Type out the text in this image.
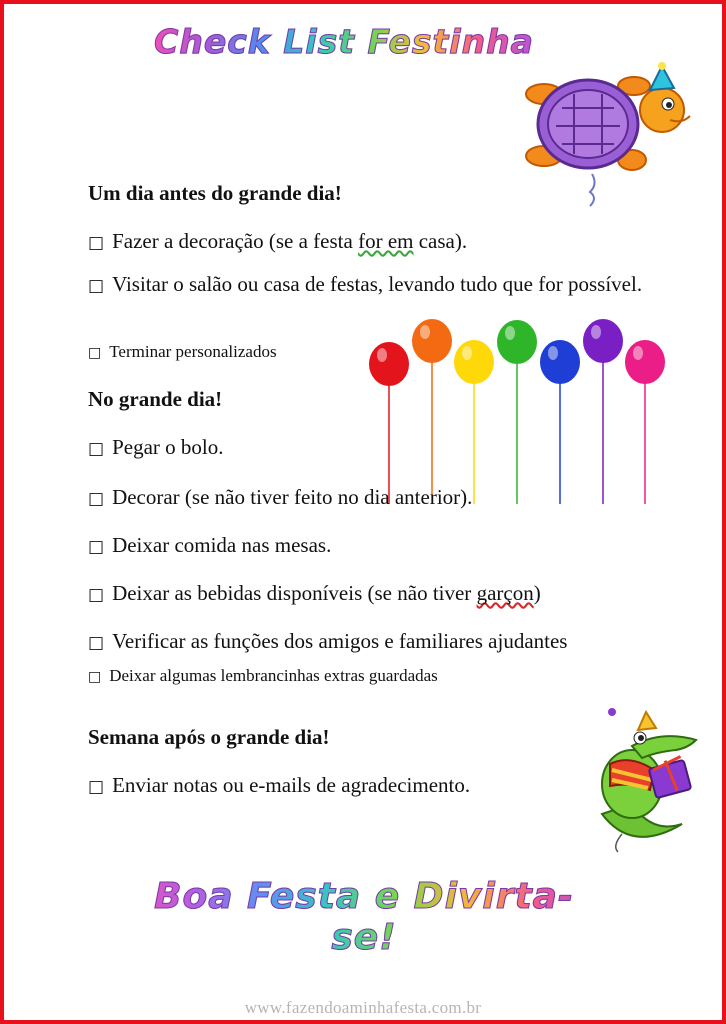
Check List Festinha
Um dia antes do grande dia!
□ Fazer a decoração (se a festa for em casa).
□ Visitar o salão ou casa de festas, levando tudo que for possível.
□ Terminar personalizados
No grande dia!
□ Pegar o bolo.
□ Decorar (se não tiver feito no dia anterior).
□ Deixar comida nas mesas.
□ Deixar as bebidas disponíveis (se não tiver garçon)
□ Verificar as funções dos amigos e familiares ajudantes
□ Deixar algumas lembrancinhas extras guardadas
Semana após o grande dia!
□ Enviar notas ou e-mails de agradecimento.
Boa Festa e Divirta-se!
www.fazendoaminhafesta.com.br
